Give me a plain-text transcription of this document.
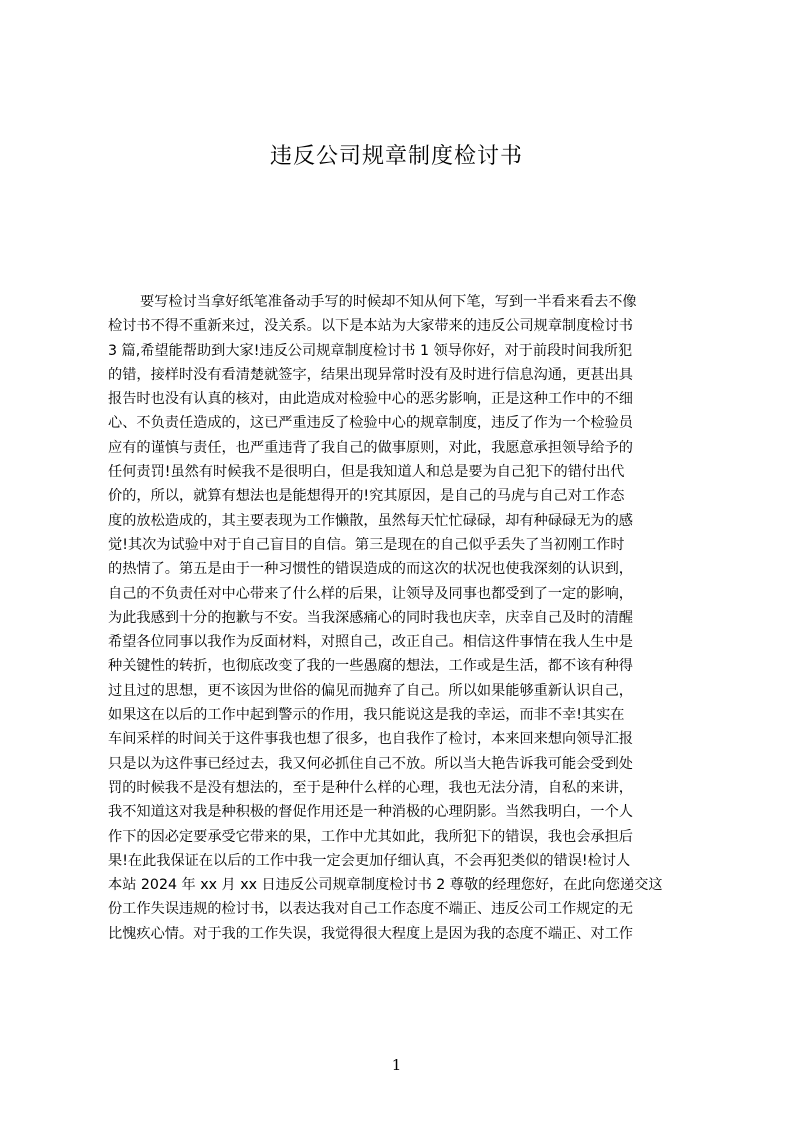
违反公司规章制度检讨书
要写检讨当拿好纸笔准备动手写的时候却不知从何下笔，写到一半看来看去不像
检讨书不得不重新来过，没关系。以下是本站为大家带来的违反公司规章制度检讨书
3 篇,希望能帮助到大家!违反公司规章制度检讨书 1 领导你好，对于前段时间我所犯
的错，接样时没有看清楚就签字，结果出现异常时没有及时进行信息沟通，更甚出具
报告时也没有认真的核对，由此造成对检验中心的恶劣影响，正是这种工作中的不细
心、不负责任造成的，这已严重违反了检验中心的规章制度，违反了作为一个检验员
应有的谨慎与责任，也严重违背了我自己的做事原则，对此，我愿意承担领导给予的
任何责罚!虽然有时候我不是很明白，但是我知道人和总是要为自己犯下的错付出代
价的，所以，就算有想法也是能想得开的!究其原因，是自己的马虎与自己对工作态
度的放松造成的，其主要表现为工作懒散，虽然每天忙忙碌碌，却有种碌碌无为的感
觉!其次为试验中对于自己盲目的自信。第三是现在的自己似乎丢失了当初刚工作时
的热情了。第五是由于一种习惯性的错误造成的而这次的状况也使我深刻的认识到，
自己的不负责任对中心带来了什么样的后果，让领导及同事也都受到了一定的影响，
为此我感到十分的抱歉与不安。当我深感痛心的同时我也庆幸，庆幸自己及时的清醒
希望各位同事以我作为反面材料，对照自己，改正自己。相信这件事情在我人生中是
种关键性的转折，也彻底改变了我的一些愚腐的想法，工作或是生活，都不该有种得
过且过的思想，更不该因为世俗的偏见而抛弃了自己。所以如果能够重新认识自己，
如果这在以后的工作中起到警示的作用，我只能说这是我的幸运，而非不幸!其实在
车间采样的时间关于这件事我也想了很多，也自我作了检讨，本来回来想向领导汇报
只是以为这件事已经过去，我又何必抓住自己不放。所以当大艳告诉我可能会受到处
罚的时候我不是没有想法的，至于是种什么样的心理，我也无法分清，自私的来讲，
我不知道这对我是种积极的督促作用还是一种消极的心理阴影。当然我明白，一个人
作下的因必定要承受它带来的果，工作中尤其如此，我所犯下的错误，我也会承担后
果!在此我保证在以后的工作中我一定会更加仔细认真，不会再犯类似的错误!检讨人
本站 2024 年 xx 月 xx 日违反公司规章制度检讨书 2 尊敬的经理您好，在此向您递交这
份工作失误违规的检讨书，以表达我对自己工作态度不端正、违反公司工作规定的无
比愧疚心情。对于我的工作失误，我觉得很大程度上是因为我的态度不端正、对工作
1
